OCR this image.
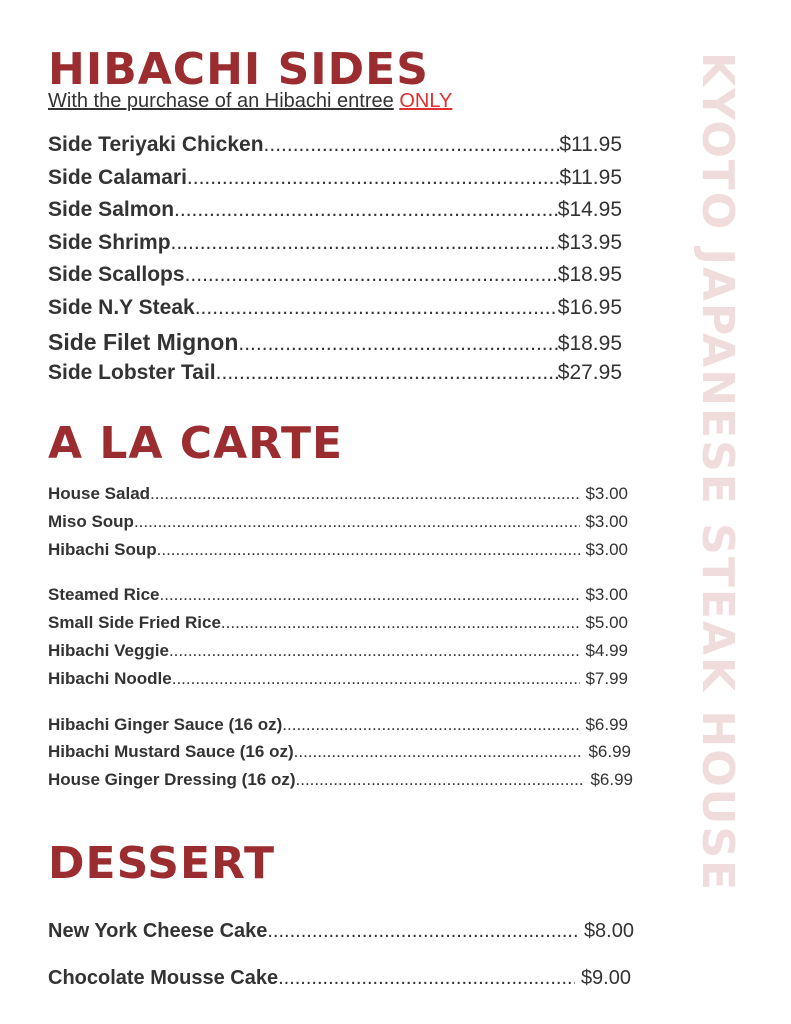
HIBACHI SIDES
With the purchase of an Hibachi entree ONLY
Side Teriyaki Chicken .....	$11.95
Side Calamari .....	$11.95
Side Salmon .....	$14.95
Side Shrimp .....	$13.95
Side Scallops .....	$18.95
Side N.Y Steak .....	$16.95
Side Filet Mignon .....	$18.95
Side Lobster Tail .....	$27.95
A LA CARTE
House Salad .....	$3.00
Miso Soup .....	$3.00
Hibachi Soup .....	$3.00
Steamed Rice .....	$3.00
Small Side Fried Rice .....	$5.00
Hibachi Veggie .....	$4.99
Hibachi Noodle .....	$7.99
Hibachi Ginger Sauce (16 oz) .....	$6.99
Hibachi Mustard Sauce (16 oz) .....	$6.99
House Ginger Dressing (16 oz) .....	$6.99
DESSERT
New York Cheese Cake .....	$8.00
Chocolate Mousse Cake .....	$9.00
KYOTO JAPANESE STEAK HOUSE
